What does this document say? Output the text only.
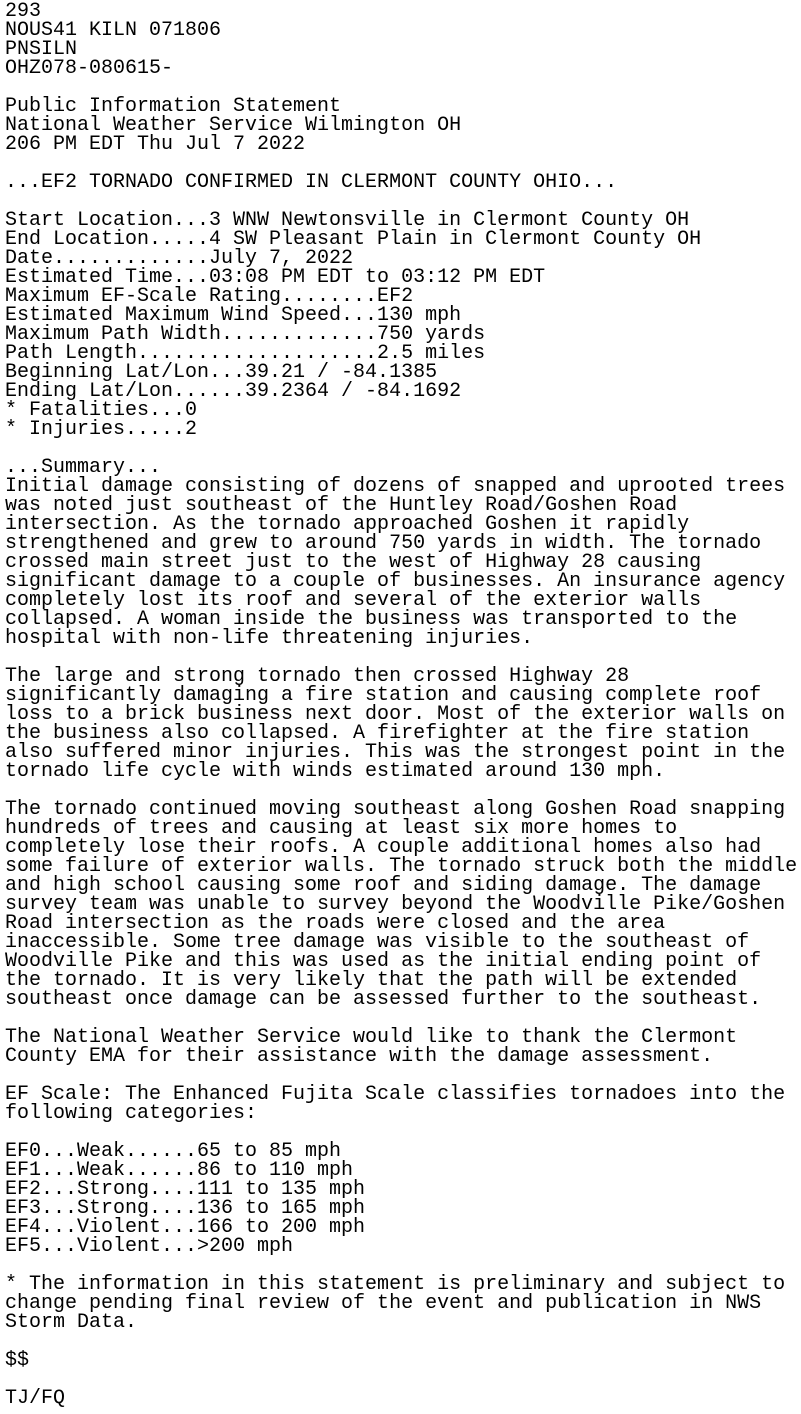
293
NOUS41 KILN 071806
PNSILN
OHZ078-080615-
Public Information Statement
National Weather Service Wilmington OH
206 PM EDT Thu Jul 7 2022
...EF2 TORNADO CONFIRMED IN CLERMONT COUNTY OHIO...
Start Location...3 WNW Newtonsville in Clermont County OH
End Location.....4 SW Pleasant Plain in Clermont County OH
Date.............July 7, 2022
Estimated Time...03:08 PM EDT to 03:12 PM EDT
Maximum EF-Scale Rating........EF2
Estimated Maximum Wind Speed...130 mph
Maximum Path Width.............750 yards
Path Length....................2.5 miles
Beginning Lat/Lon...39.21 / -84.1385
Ending Lat/Lon......39.2364 / -84.1692
* Fatalities...0
* Injuries.....2
...Summary...
Initial damage consisting of dozens of snapped and uprooted trees
was noted just southeast of the Huntley Road/Goshen Road
intersection. As the tornado approached Goshen it rapidly
strengthened and grew to around 750 yards in width. The tornado
crossed main street just to the west of Highway 28 causing
significant damage to a couple of businesses. An insurance agency
completely lost its roof and several of the exterior walls
collapsed. A woman inside the business was transported to the
hospital with non-life threatening injuries.
The large and strong tornado then crossed Highway 28
significantly damaging a fire station and causing complete roof
loss to a brick business next door. Most of the exterior walls on
the business also collapsed. A firefighter at the fire station
also suffered minor injuries. This was the strongest point in the
tornado life cycle with winds estimated around 130 mph.
The tornado continued moving southeast along Goshen Road snapping
hundreds of trees and causing at least six more homes to
completely lose their roofs. A couple additional homes also had
some failure of exterior walls. The tornado struck both the middle
and high school causing some roof and siding damage. The damage
survey team was unable to survey beyond the Woodville Pike/Goshen
Road intersection as the roads were closed and the area
inaccessible. Some tree damage was visible to the southeast of
Woodville Pike and this was used as the initial ending point of
the tornado. It is very likely that the path will be extended
southeast once damage can be assessed further to the southeast.
The National Weather Service would like to thank the Clermont
County EMA for their assistance with the damage assessment.
EF Scale: The Enhanced Fujita Scale classifies tornadoes into the
following categories:
EF0...Weak......65 to 85 mph
EF1...Weak......86 to 110 mph
EF2...Strong....111 to 135 mph
EF3...Strong....136 to 165 mph
EF4...Violent...166 to 200 mph
EF5...Violent...>200 mph
* The information in this statement is preliminary and subject to
change pending final review of the event and publication in NWS
Storm Data.
$$
TJ/FQ
